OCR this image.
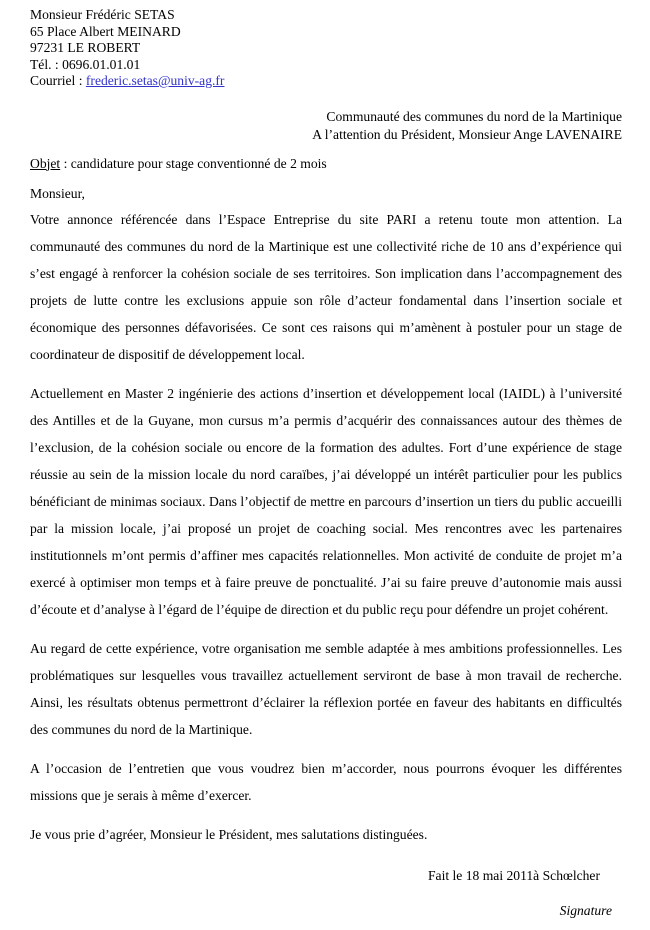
Monsieur Frédéric SETAS
65 Place Albert MEINARD
97231 LE ROBERT
Tél. : 0696.01.01.01
Courriel : frederic.setas@univ-ag.fr
Communauté des communes du nord de la Martinique
A l’attention du Président, Monsieur Ange LAVENAIRE
Objet : candidature pour stage conventionné de 2 mois
Monsieur,

Votre annonce référencée dans l’Espace Entreprise du site PARI a retenu toute mon attention. La communauté des communes du nord de la Martinique est une collectivité riche de 10 ans d’expérience qui s’est engagé à renforcer la cohésion sociale de ses territoires. Son implication dans l’accompagnement des projets de lutte contre les exclusions appuie son rôle d’acteur fondamental dans l’insertion sociale et économique des personnes défavorisées. Ce sont ces raisons qui m’amènent à postuler pour un stage de coordinateur de dispositif de développement local.

Actuellement en Master 2 ingénierie des actions d’insertion et développement local (IAIDL) à l’université des Antilles et de la Guyane, mon cursus m’a permis d’acquérir des connaissances autour des thèmes de l’exclusion, de la cohésion sociale ou encore de la formation des adultes. Fort d’une expérience de stage réussie au sein de la mission locale du nord caraïbes, j’ai développé un intérêt particulier pour les publics bénéficiant de minimas sociaux. Dans l’objectif de mettre en parcours d’insertion un tiers du public accueilli par la mission locale, j’ai proposé un projet de coaching social. Mes rencontres avec les partenaires institutionnels m’ont permis d’affiner mes capacités relationnelles. Mon activité de conduite de projet m’a exercé à optimiser mon temps et à faire preuve de ponctualité. J’ai su faire preuve d’autonomie mais aussi d’écoute et d’analyse à l’égard de l’équipe de direction et du public reçu pour défendre un projet cohérent.

Au regard de cette expérience, votre organisation me semble adaptée à mes ambitions professionnelles. Les problématiques sur lesquelles vous travaillez actuellement serviront de base à mon travail de recherche. Ainsi, les résultats obtenus permettront d’éclairer la réflexion portée en faveur des habitants en difficultés des communes du nord de la Martinique.

A l’occasion de l’entretien que vous voudrez bien m’accorder, nous pourrons évoquer les différentes missions que je serais à même d’exercer.

Je vous prie d’agréer, Monsieur le Président, mes salutations distinguées.

Fait le 18 mai 2011à Schœlcher
Signature
